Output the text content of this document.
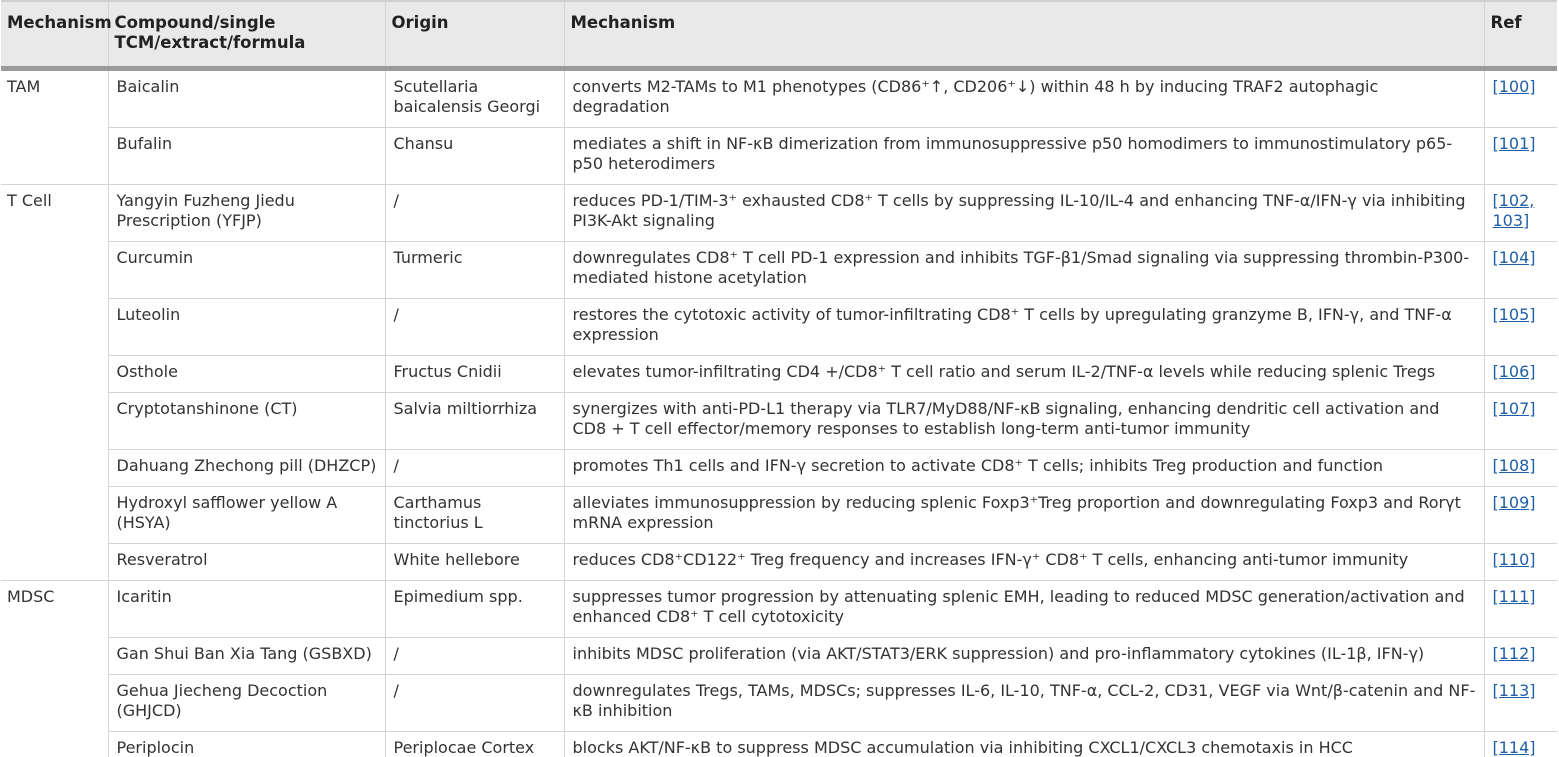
Mechanism	Compound/single TCM/extract/formula	Origin	Mechanism	Ref
TAM	Baicalin	Scutellaria baicalensis Georgi	converts M2-TAMs to M1 phenotypes (CD86⁺↑, CD206⁺↓) within 48 h by inducing TRAF2 autophagic degradation	[100]
	Bufalin	Chansu	mediates a shift in NF-κB dimerization from immunosuppressive p50 homodimers to immunostimulatory p65-p50 heterodimers	[101]
T Cell	Yangyin Fuzheng Jiedu Prescription (YFJP)	/	reduces PD-1/TIM-3⁺ exhausted CD8⁺ T cells by suppressing IL-10/IL-4 and enhancing TNF-α/IFN-γ via inhibiting PI3K-Akt signaling	[102, 103]
	Curcumin	Turmeric	downregulates CD8⁺ T cell PD-1 expression and inhibits TGF-β1/Smad signaling via suppressing thrombin-P300-mediated histone acetylation	[104]
	Luteolin	/	restores the cytotoxic activity of tumor-infiltrating CD8⁺ T cells by upregulating granzyme B, IFN-γ, and TNF-α expression	[105]
	Osthole	Fructus Cnidii	elevates tumor-infiltrating CD4 +/CD8⁺ T cell ratio and serum IL-2/TNF-α levels while reducing splenic Tregs	[106]
	Cryptotanshinone (CT)	Salvia miltiorrhiza	synergizes with anti-PD-L1 therapy via TLR7/MyD88/NF-κB signaling, enhancing dendritic cell activation and CD8 + T cell effector/memory responses to establish long-term anti-tumor immunity	[107]
	Dahuang Zhechong pill (DHZCP)	/	promotes Th1 cells and IFN-γ secretion to activate CD8⁺ T cells; inhibits Treg production and function	[108]
	Hydroxyl safflower yellow A (HSYA)	Carthamus tinctorius L	alleviates immunosuppression by reducing splenic Foxp3⁺Treg proportion and downregulating Foxp3 and Rorγt mRNA expression	[109]
	Resveratrol	White hellebore	reduces CD8⁺CD122⁺ Treg frequency and increases IFN-γ⁺ CD8⁺ T cells, enhancing anti-tumor immunity	[110]
MDSC	Icaritin	Epimedium spp.	suppresses tumor progression by attenuating splenic EMH, leading to reduced MDSC generation/activation and enhanced CD8⁺ T cell cytotoxicity	[111]
	Gan Shui Ban Xia Tang (GSBXD)	/	inhibits MDSC proliferation (via AKT/STAT3/ERK suppression) and pro-inflammatory cytokines (IL-1β, IFN-γ)	[112]
	Gehua Jiecheng Decoction (GHJCD)	/	downregulates Tregs, TAMs, MDSCs; suppresses IL-6, IL-10, TNF-α, CCL-2, CD31, VEGF via Wnt/β-catenin and NF-κB inhibition	[113]
	Periplocin	Periplocae Cortex	blocks AKT/NF-κB to suppress MDSC accumulation via inhibiting CXCL1/CXCL3 chemotaxis in HCC	[114]
